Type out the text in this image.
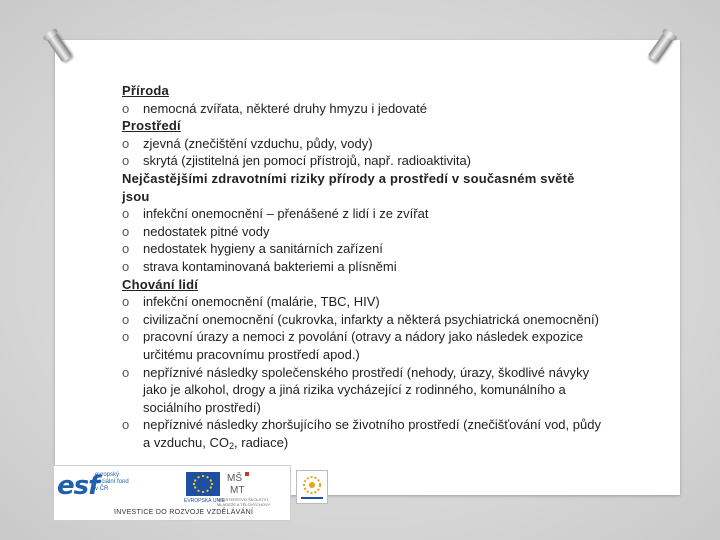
Příroda
o	nemocná zvířata, některé druhy hmyzu i jedovaté
Prostředí
o	zjevná (znečištění vzduchu, půdy, vody)
o	skrytá (zjistitelná jen pomocí přístrojů, např. radioaktivita)
Nejčastějšími zdravotními riziky přírody a prostředí v současném světě jsou
o	infekční onemocnění – přenášené z lidí i ze zvířat
o	nedostatek pitné vody
o	nedostatek hygieny a sanitárních zařízení
o	strava kontaminovaná bakteriemi a plísněmi
Chování lidí
o	infekční onemocnění (malárie, TBC, HIV)
o	civilizační onemocnění (cukrovka, infarkty a některá psychiatrická onemocnění)
o	pracovní úrazy a nemoci z povolání (otravy a nádory jako následek expozice určitému pracovnímu prostředí apod.)
o	nepříznivé následky společenského prostředí (nehody, úrazy, škodlivé návyky jako je alkohol, drogy a jiná rizika vycházející z rodinného, komunálního a sociálního prostředí)
o	nepříznivé následky zhoršujícího se životního prostředí (znečišťování vod, půdy a vzduchu, $CO_2$, radiace)
esf
evropský sociální fond v ČR
EVROPSKÁ UNIE
MŠ
MT
MINISTERSTVO ŠKOLSTVÍ, MLÁDEŽE A TĚLOVÝCHOVY
INVESTICE DO ROZVOJE VZDĚLÁVÁNÍ
